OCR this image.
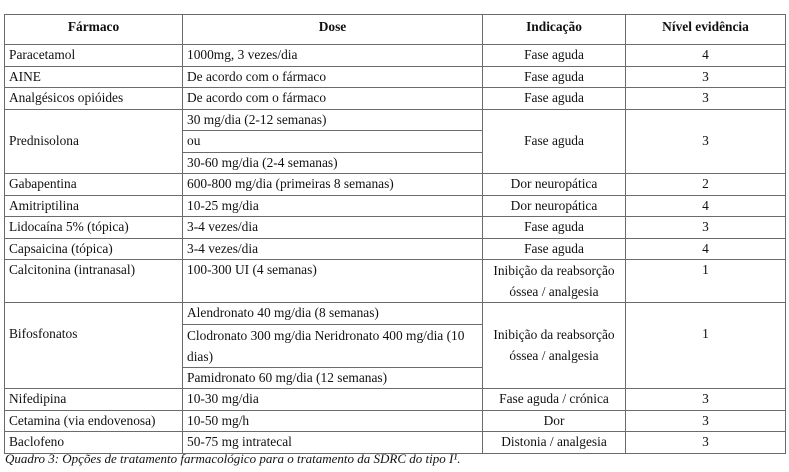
Fármaco	Dose	Indicação	Nível evidência
Paracetamol	1000mg, 3 vezes/dia	Fase aguda	4
AINE	De acordo com o fármaco	Fase aguda	3
Analgésicos opióides	De acordo com o fármaco	Fase aguda	3
	30 mg/dia (2-12 semanas)		
Prednisolona	ou	Fase aguda	3
	30-60 mg/dia (2-4 semanas)		
Gabapentina	600-800 mg/dia (primeiras 8 semanas)	Dor neuropática	2
Amitriptilina	10-25 mg/dia	Dor neuropática	4
Lidocaína 5% (tópica)	3-4 vezes/dia	Fase aguda	3
Capsaicina (tópica)	3-4 vezes/dia	Fase aguda	4
Calcitonina (intranasal)	100-300 UI (4 semanas)	Inibição da reabsorção óssea / analgesia	1
	Alendronato 40 mg/dia (8 semanas)		
Bifosfonatos	Clodronato 300 mg/dia Neridronato 400 mg/dia (10 dias)	Inibição da reabsorção óssea / analgesia	1
	Pamidronato 60 mg/dia (12 semanas)		
Nifedipina	10-30 mg/dia	Fase aguda / crónica	3
Cetamina (via endovenosa)	10-50 mg/h	Dor	3
Baclofeno	50-75 mg intratecal	Distonia / analgesia	3
Quadro 3: Opções de tratamento farmacológico para o tratamento da SDRC do tipo I¹.
